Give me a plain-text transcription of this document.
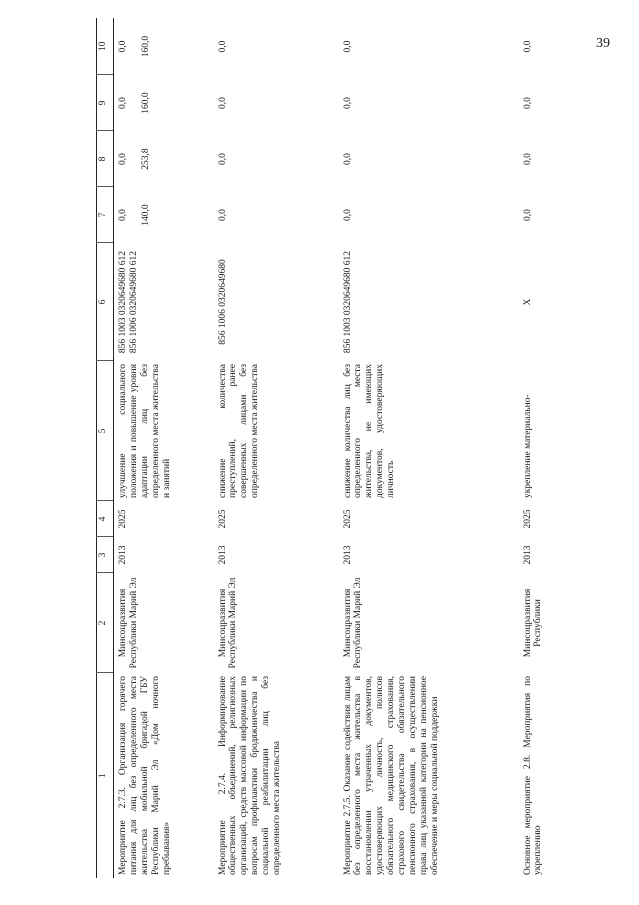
39
1	2	3	4	5	6	7	8	9	10
Мероприятие 2.7.3. Организация горячего питания для лиц без определенного места жительства мобильной бригадой ГБУ Республики Марий Эл «Дом ночного пребывания»	Минсоцразвития Республики Марий Эл	2013	2025	улучшение социального положения и повышение уровня адаптации лиц без определенного места жительства и занятий	856 1003 0320649680 612 856 1006 0320649680 612	0,0 140,0	0,0 253,8	0,0 160,0	0,0 160,0

Мероприятие 2.7.4. Информирование общественных объединений, религиозных организаций, средств массовой информации по вопросам профилактики бродяжничества и социальной реабилитации лиц без определенного места жительства	Минсоцразвития Республики Марий Эл	2013	2025	снижение количества преступлений, ранее совершенных лицами без определенного места жительства	856 1006 0320649680	0,0	0,0	0,0	0,0
Мероприятие 2.7.5. Оказание содействия лицам без определенного места жительства в восстановлении утраченных документов, удостоверяющих личность, полисов обязательного медицинского страхования, страхового свидетельства обязательного пенсионного страхования, в осуществлении права лиц указанной категории на пенсионное обеспечение и меры социальной поддержки	Минсоцразвития Республики Марий Эл	2013	2025	снижение количества лиц без определенного места жительства, не имеющих документов, удостоверяющих личность	856 1003 0320649680 612	0,0	0,0	0,0	0,0
Основное мероприятие 2.8. Мероприятия по укреплению	Минсоцразвития Республики	2013	2025	укрепление материально-	X	0,0	0,0	0,0	0,0
